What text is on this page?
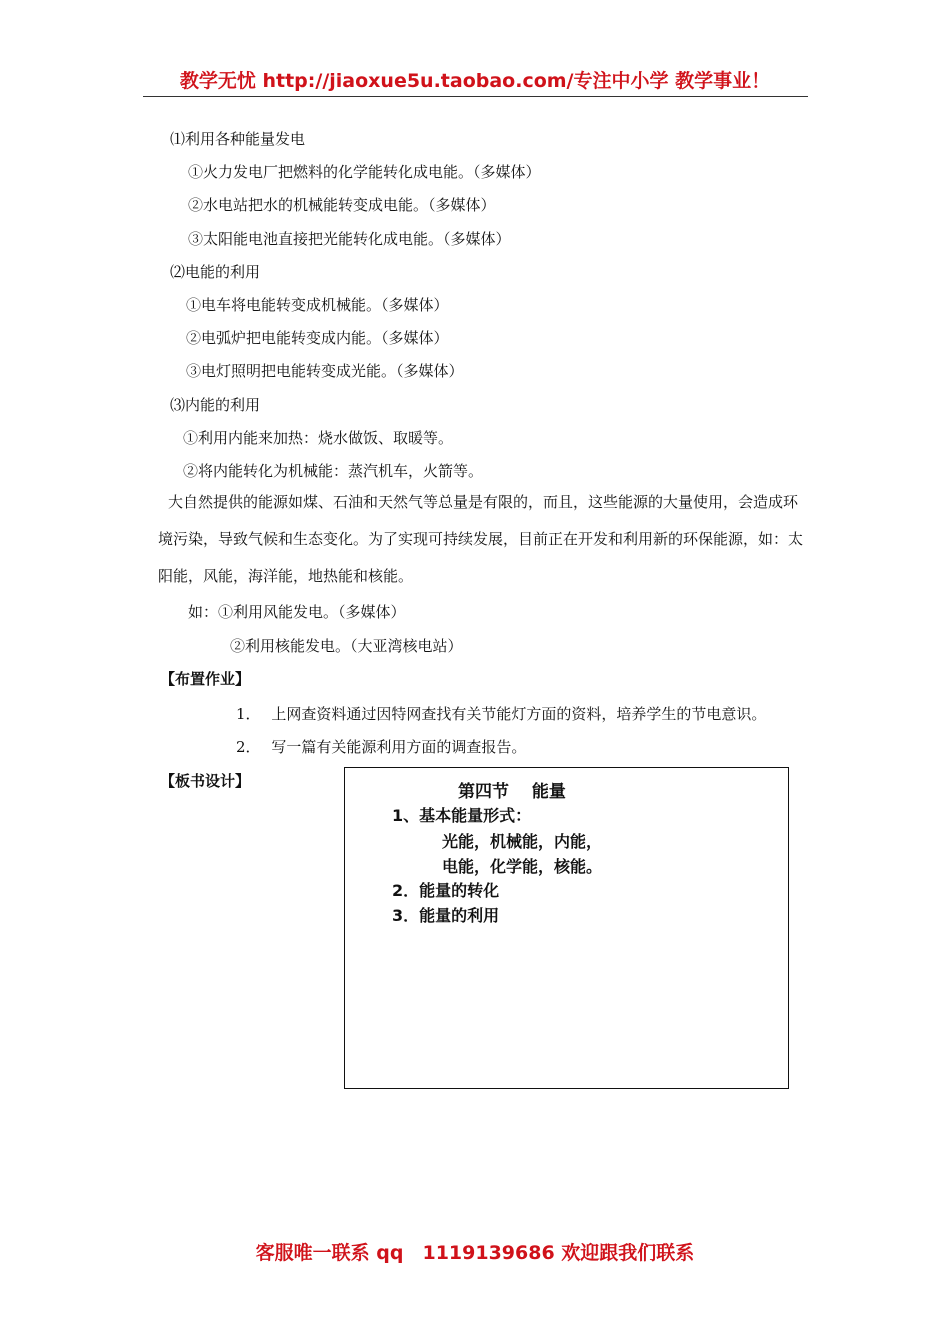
教学无忧 http://jiaoxue5u.taobao.com/专注中小学 教学事业！
⑴利用各种能量发电
①火力发电厂把燃料的化学能转化成电能。（多媒体）
②水电站把水的机械能转变成电能。（多媒体）
③太阳能电池直接把光能转化成电能。（多媒体）
⑵电能的利用
①电车将电能转变成机械能。（多媒体）
②电弧炉把电能转变成内能。（多媒体）
③电灯照明把电能转变成光能。（多媒体）
⑶内能的利用
①利用内能来加热：烧水做饭、取暖等。
②将内能转化为机械能：蒸汽机车，火箭等。
大自然提供的能源如煤、石油和天然气等总量是有限的，而且，这些能源的大量使用，会造成环境污染，导致气候和生态变化。为了实现可持续发展，目前正在开发和利用新的环保能源，如：太阳能，风能，海洋能，地热能和核能。
如：①利用风能发电。（多媒体）
②利用核能发电。（大亚湾核电站）
【布置作业】
1． 上网查资料通过因特网查找有关节能灯方面的资料，培养学生的节电意识。
2． 写一篇有关能源利用方面的调查报告。
【板书设计】
第四节　 能量
1、基本能量形式：
光能，机械能，内能，
电能，化学能，核能。
2．能量的转化
3．能量的利用
客服唯一联系 qq　1119139686 欢迎跟我们联系
